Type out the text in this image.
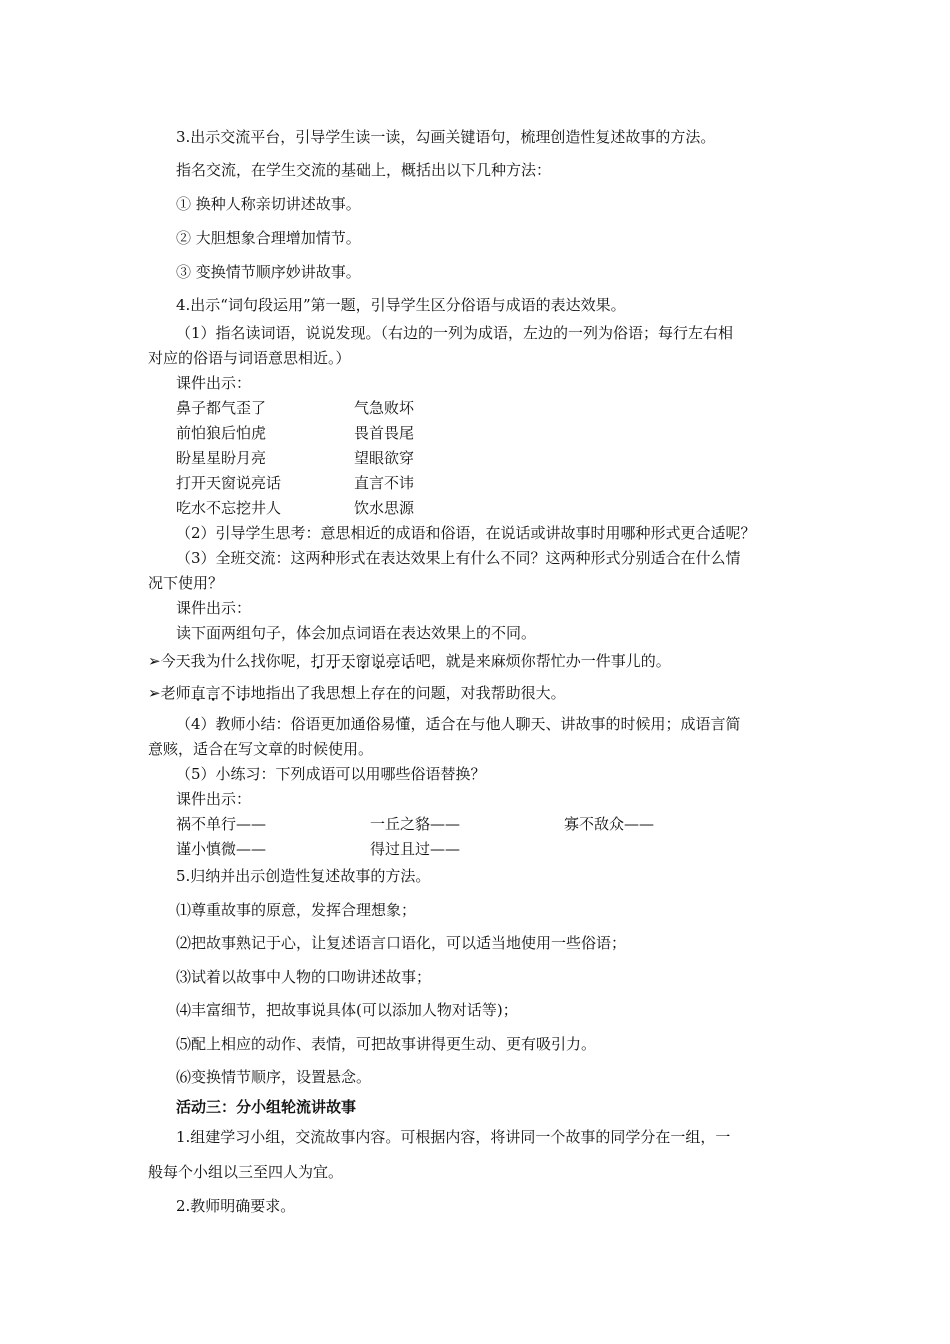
3.出示交流平台，引导学生读一读，勾画关键语句，梳理创造性复述故事的方法。
指名交流，在学生交流的基础上，概括出以下几种方法：
① 换种人称亲切讲述故事。
② 大胆想象合理增加情节。
③ 变换情节顺序妙讲故事。
4.出示“词句段运用”第一题，引导学生区分俗语与成语的表达效果。
（1）指名读词语，说说发现。（右边的一列为成语，左边的一列为俗语；每行左右相
对应的俗语与词语意思相近。）
课件出示：
鼻子都气歪了	气急败坏
前怕狼后怕虎	畏首畏尾
盼星星盼月亮	望眼欲穿
打开天窗说亮话	直言不讳
吃水不忘挖井人	饮水思源
（2）引导学生思考：意思相近的成语和俗语，在说话或讲故事时用哪种形式更合适呢？
（3）全班交流：这两种形式在表达效果上有什么不同？这两种形式分别适合在什么情
况下使用？
课件出示：
读下面两组句子，体会加点词语在表达效果上的不同。
➢今天我为什么找你呢，打开天窗说亮话吧，就是来麻烦你帮忙办一件事儿的。
➢老师直言不讳地指出了我思想上存在的问题，对我帮助很大。
（4）教师小结：俗语更加通俗易懂，适合在与他人聊天、讲故事的时候用；成语言简
意赅，适合在写文章的时候使用。
（5）小练习：下列成语可以用哪些俗语替换？
课件出示：
祸不单行——	一丘之貉——	寡不敌众——
谨小慎微——	得过且过——
5.归纳并出示创造性复述故事的方法。
⑴尊重故事的原意，发挥合理想象；
⑵把故事熟记于心，让复述语言口语化，可以适当地使用一些俗语；
⑶试着以故事中人物的口吻讲述故事；
⑷丰富细节，把故事说具体(可以添加人物对话等)；
⑸配上相应的动作、表情，可把故事讲得更生动、更有吸引力。
⑹变换情节顺序，设置悬念。
活动三：分小组轮流讲故事
1.组建学习小组，交流故事内容。可根据内容，将讲同一个故事的同学分在一组，一
般每个小组以三至四人为宜。
2.教师明确要求。
